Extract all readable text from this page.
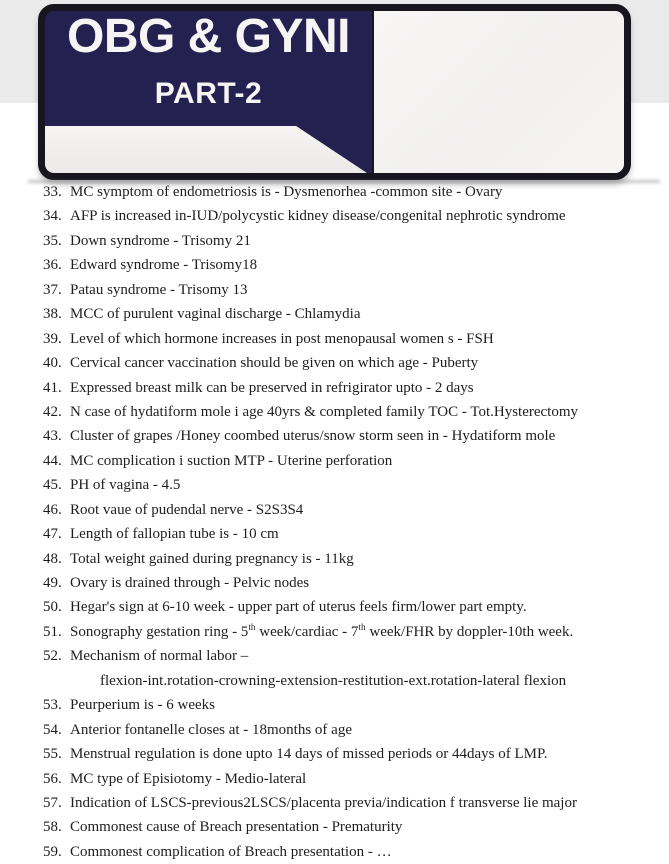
OBG & GYNI
PART-2
33. MC symptom of endometriosis is - Dysmenorhea -common site - Ovary
34. AFP is increased in-IUD/polycystic kidney disease/congenital nephrotic syndrome
35. Down syndrome - Trisomy 21
36. Edward syndrome - Trisomy18
37. Patau syndrome - Trisomy 13
38. MCC of purulent vaginal discharge - Chlamydia
39. Level of which hormone increases in post menopausal women s - FSH
40. Cervical cancer vaccination should be given on which age - Puberty
41. Expressed breast milk can be preserved in refrigirator upto - 2 days
42. N case of hydatiform mole i age 40yrs & completed family TOC - Tot.Hysterectomy
43. Cluster of grapes /Honey coombed uterus/snow storm seen in - Hydatiform mole
44. MC complication i suction MTP - Uterine perforation
45. PH of vagina - 4.5
46. Root vaue of pudendal nerve - S2S3S4
47. Length of fallopian tube is - 10 cm
48. Total weight gained during pregnancy is - 11kg
49. Ovary is drained through - Pelvic nodes
50. Hegar's sign at 6-10 week - upper part of uterus feels firm/lower part empty.
51. Sonography gestation ring - 5th week/cardiac - 7th week/FHR by doppler-10th week.
52. Mechanism of normal labor –
flexion-int.rotation-crowning-extension-restitution-ext.rotation-lateral flexion
53. Peurperium is - 6 weeks
54. Anterior fontanelle closes at - 18months of age
55. Menstrual regulation is done upto 14 days of missed periods or 44days of LMP.
56. MC type of Episiotomy - Medio-lateral
57. Indication of LSCS-previous2LSCS/placenta previa/indication f transverse lie major
58. Commonest cause of Breach presentation - Prematurity
59. Commonest complication of Breach presentation - …
